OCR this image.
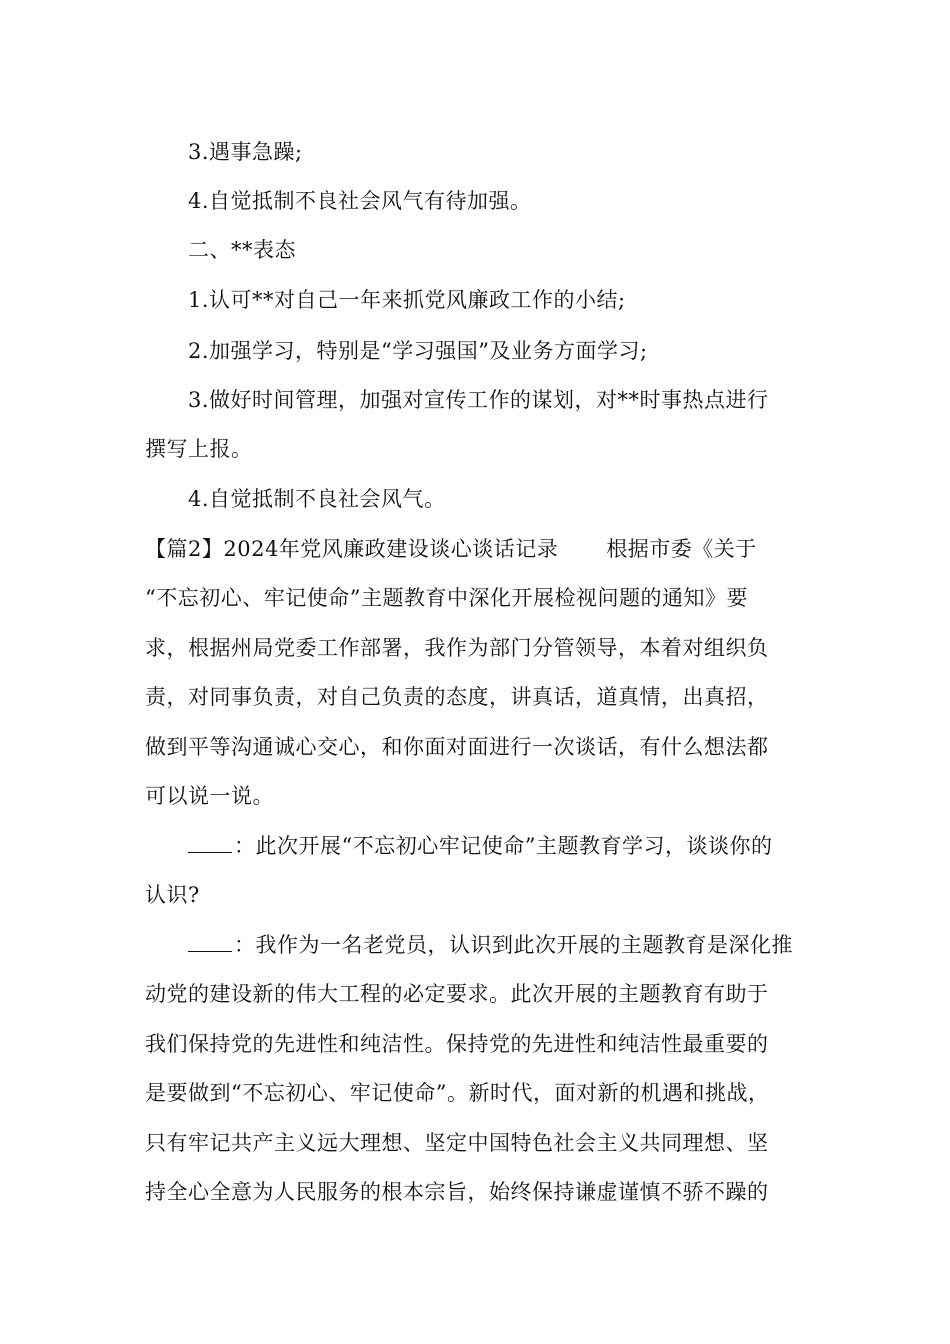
3.遇事急躁;
4.自觉抵制不良社会风气有待加强。
二、**表态
1.认可**对自己一年来抓党风廉政工作的小结;
2.加强学习，特别是“学习强国”及业务方面学习;
3.做好时间管理，加强对宣传工作的谋划，对**时事热点进行
撰写上报。
4.自觉抵制不良社会风气。
【篇2】2024年党风廉政建设谈心谈话记录 根据市委《关于
“不忘初心、牢记使命”主题教育中深化开展检视问题的通知》要
求，根据州局党委工作部署，我作为部门分管领导，本着对组织负
责，对同事负责，对自己负责的态度，讲真话，道真情，出真招，
做到平等沟通诚心交心，和你面对面进行一次谈话，有什么想法都
可以说一说。
：此次开展“不忘初心牢记使命”主题教育学习，谈谈你的
认识?
：我作为一名老党员，认识到此次开展的主题教育是深化推
动党的建设新的伟大工程的必定要求。此次开展的主题教育有助于
我们保持党的先进性和纯洁性。保持党的先进性和纯洁性最重要的
是要做到“不忘初心、牢记使命”。新时代，面对新的机遇和挑战，
只有牢记共产主义远大理想、坚定中国特色社会主义共同理想、坚
持全心全意为人民服务的根本宗旨，始终保持谦虚谨慎不骄不躁的
